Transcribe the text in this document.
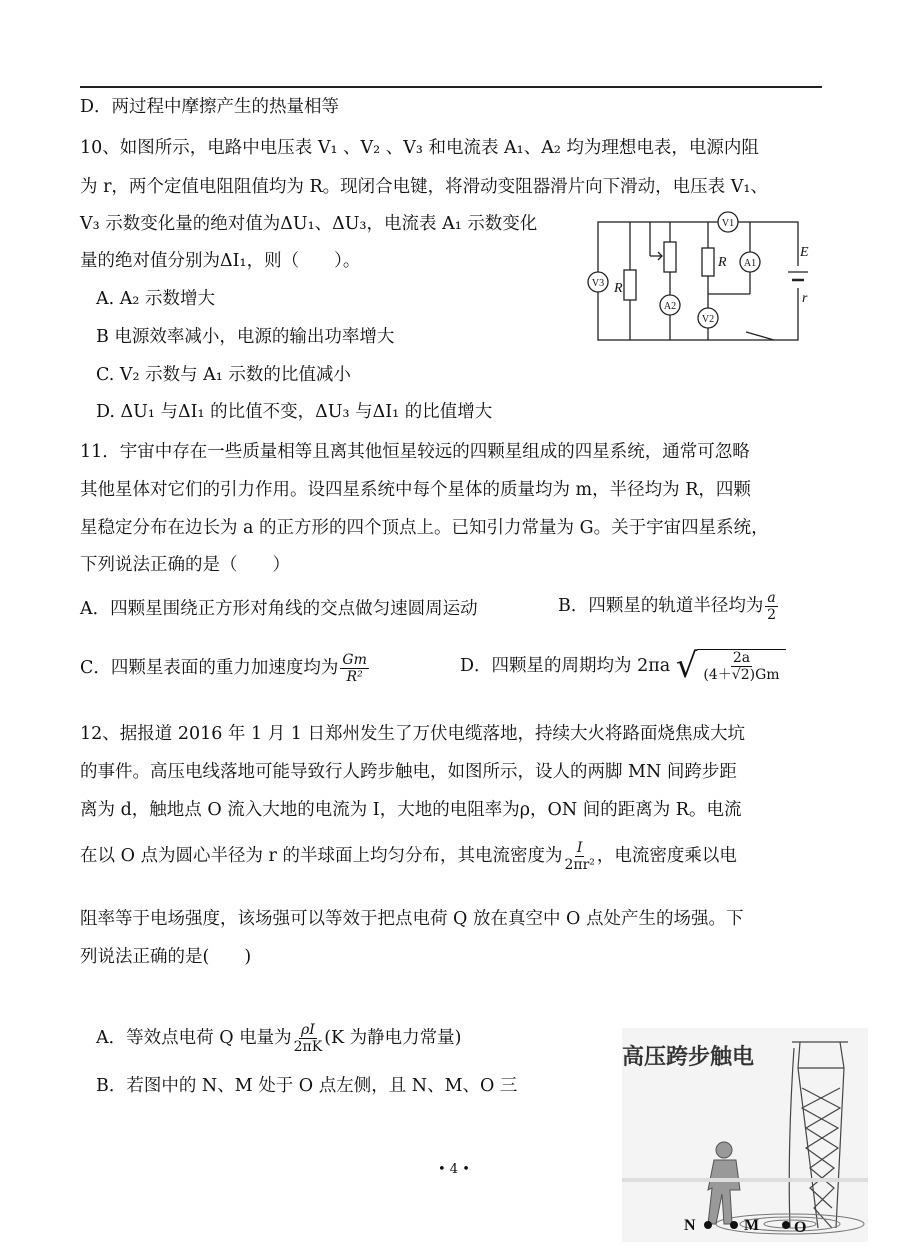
D．两过程中摩擦产生的热量相等
10、如图所示，电路中电压表 V₁ 、V₂ 、V₃ 和电流表 A₁、A₂ 均为理想电表，电源内阻
为 r，两个定值电阻阻值均为 R。现闭合电键，将滑动变阻器滑片向下滑动，电压表 V₁、
V₃ 示数变化量的绝对值为ΔU₁、ΔU₃，电流表 A₁ 示数变化
量的绝对值分别为ΔI₁，则（　　）。
A. A₂ 示数增大
B 电源效率减小，电源的输出功率增大
C. V₂ 示数与 A₁ 示数的比值减小
D. ΔU₁ 与ΔI₁ 的比值不变，ΔU₃ 与ΔI₁ 的比值增大
V1
A1
A2
V2
V3 R
R
E
r
11．宇宙中存在一些质量相等且离其他恒星较远的四颗星组成的四星系统，通常可忽略
其他星体对它们的引力作用。设四星系统中每个星体的质量均为 m，半径均为 R，四颗
星稳定分布在边长为 a 的正方形的四个顶点上。已知引力常量为 G。关于宇宙四星系统，
下列说法正确的是（　　）
A．四颗星围绕正方形对角线的交点做匀速圆周运动	B．四颗星的轨道半径均为 $\frac{a}{2}$
C．四颗星表面的重力加速度均为 $\frac{Gm}{\text{R²}}$	D．四颗星的周期均为 2πa √ $\frac{2a}{(4+√2)Gm}$
12、据报道 2016 年 1 月 1 日郑州发生了万伏电缆落地，持续大火将路面烧焦成大坑
的事件。高压电线落地可能导致行人跨步触电，如图所示，设人的两脚 MN 间跨步距
离为 d，触地点 O 流入大地的电流为 I，大地的电阻率为ρ，ON 间的距离为 R。电流
在以 O 点为圆心半径为 r 的半球面上均匀分布，其电流密度为 $\frac{I}{\text{2πr²}}$ ，电流密度乘以电
阻率等于电场强度，该场强可以等效于把点电荷 Q 放在真空中 O 点处产生的场强。下
列说法正确的是(　　)
A．等效点电荷 Q 电量为 $\frac{\rho I}{2\pi K} (K$ 为静电力常量)
B．若图中的 N、M 处于 O 点左侧，且 N、M、O 三
• 4 •
高压跨步触电
N	M O
